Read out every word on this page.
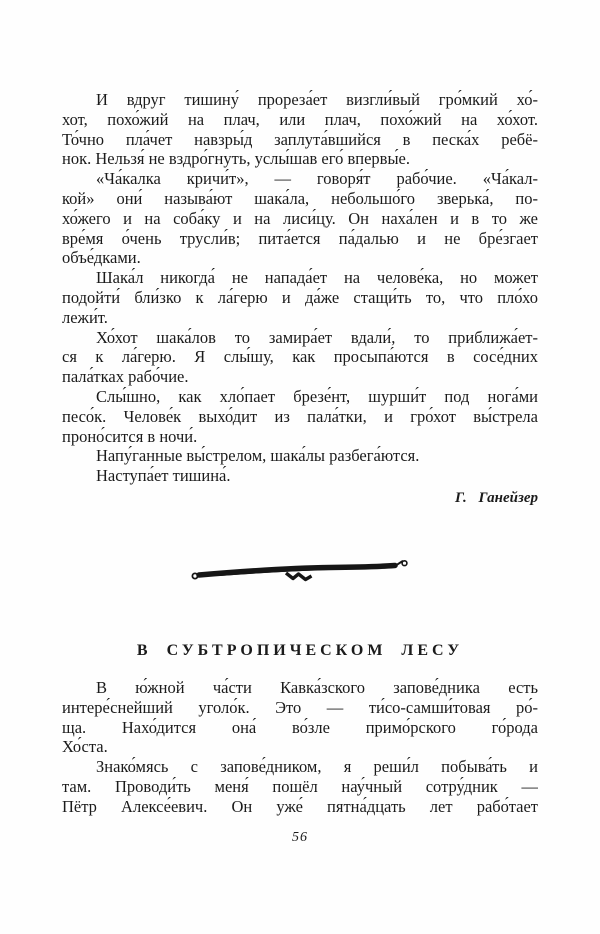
И вдруг тишину́ прореза́ет визгли́вый гро́мкий хо́-
хот, похо́жий на плач, или плач, похо́жий на хо́хот.
То́чно пла́чет навзры́д заплута́вшийся в песка́х ребё-
нок. Нельзя́ не вздро́гнуть, услы́шав его́ впервы́е.
«Ча́калка кричи́т», — говоря́т рабо́чие. «Ча́кал-
кой» они́ называ́ют шака́ла, небольшо́го зверька́, по-
хо́жего и на соба́ку и на лиси́цу. Он наха́лен и в то же
вре́мя о́чень трусли́в; пита́ется па́далью и не бре́згает
объе́дками.
Шака́л никогда́ не напада́ет на челове́ка, но может
подойти́ бли́зко к ла́герю и да́же стащи́ть то, что пло́хо
лежи́т.
Хо́хот шака́лов то замира́ет вдали́, то приближа́ет-
ся к ла́герю. Я слы́шу, как просыпа́ются в сосе́дних
пала́тках рабо́чие.
Слы́шно, как хло́пает брезе́нт, шурши́т под нога́ми
песо́к. Челове́к выхо́дит из пала́тки, и гро́хот вы́стрела
проно́сится в ночи́.
Напу́ганные вы́стрелом, шака́лы разбега́ются.
Наступа́ет тишина́.
Г. Ганейзер
В СУБТРОПИЧЕСКОМ ЛЕСУ
В ю́жной ча́сти Кавка́зского запове́дника есть
интере́снейший уголо́к. Это — ти́со-самши́товая ро́-
ща. Нахо́дится она́ во́зле примо́рского го́рода
Хо́ста.
Знако́мясь с запове́дником, я реши́л побыва́ть и
там. Проводи́ть меня́ пошёл нау́чный сотру́дник —
Пётр Алексе́евич. Он уже́ пятна́дцать лет рабо́тает
56
